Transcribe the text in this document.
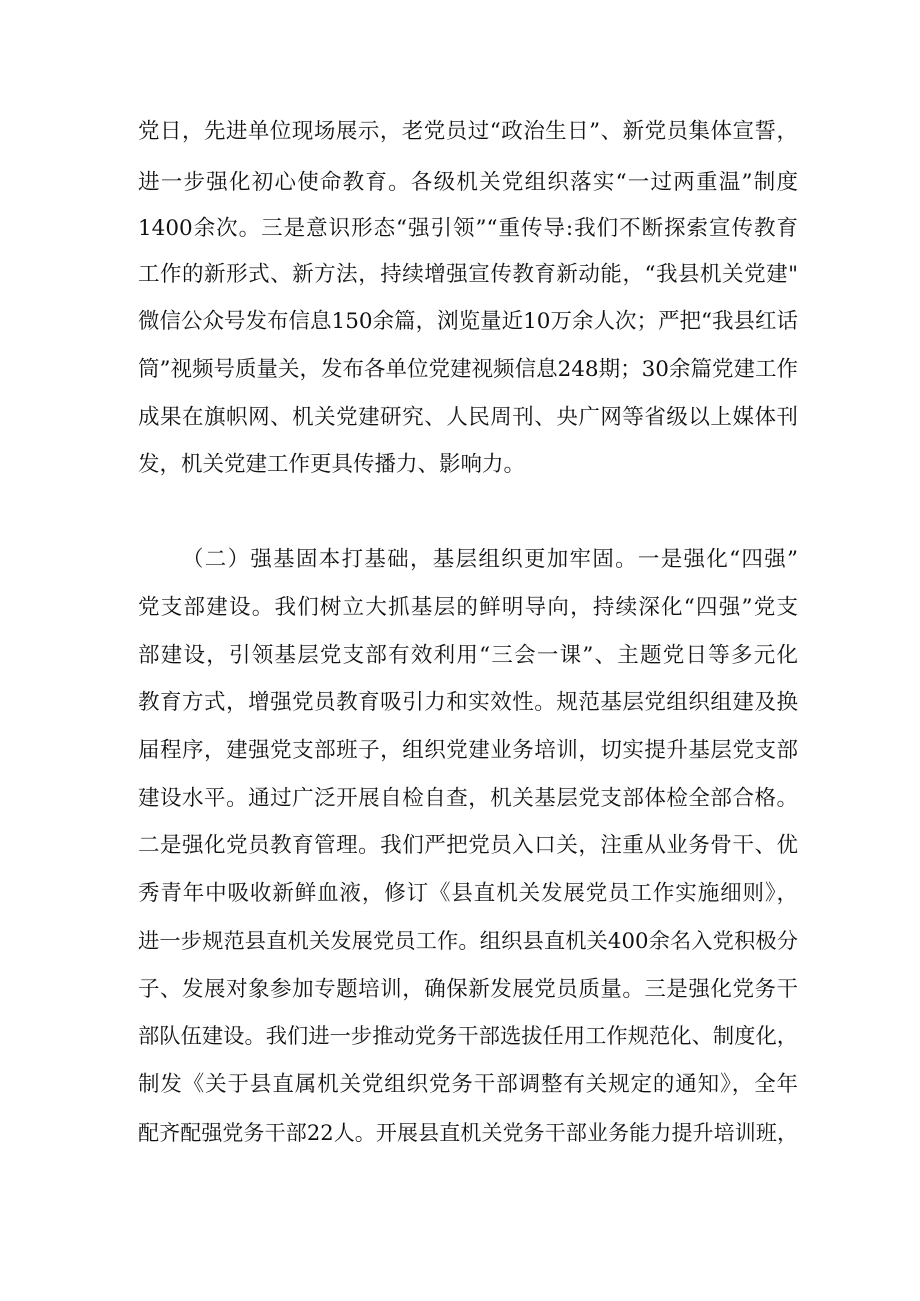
党日，先进单位现场展示，老党员过“政治生日”、新党员集体宣誓，
进一步强化初心使命教育。各级机关党组织落实“一过两重温”制度
1400余次。三是意识形态“强引领”“重传导:我们不断探索宣传教育
工作的新形式、新方法，持续增强宣传教育新动能，“我县机关党建"
微信公众号发布信息150余篇，浏览量近10万余人次；严把“我县红话
筒”视频号质量关，发布各单位党建视频信息248期；30余篇党建工作
成果在旗帜网、机关党建研究、人民周刊、央广网等省级以上媒体刊
发，机关党建工作更具传播力、影响力。
（二）强基固本打基础，基层组织更加牢固。一是强化“四强”
党支部建设。我们树立大抓基层的鲜明导向，持续深化“四强”党支
部建设，引领基层党支部有效利用“三会一课”、主题党日等多元化
教育方式，增强党员教育吸引力和实效性。规范基层党组织组建及换
届程序，建强党支部班子，组织党建业务培训，切实提升基层党支部
建设水平。通过广泛开展自检自查，机关基层党支部体检全部合格。
二是强化党员教育管理。我们严把党员入口关，注重从业务骨干、优
秀青年中吸收新鲜血液，修订《县直机关发展党员工作实施细则》，
进一步规范县直机关发展党员工作。组织县直机关400余名入党积极分
子、发展对象参加专题培训，确保新发展党员质量。三是强化党务干
部队伍建设。我们进一步推动党务干部选拔任用工作规范化、制度化，
制发《关于县直属机关党组织党务干部调整有关规定的通知》，全年
配齐配强党务干部22人。开展县直机关党务干部业务能力提升培训班，
